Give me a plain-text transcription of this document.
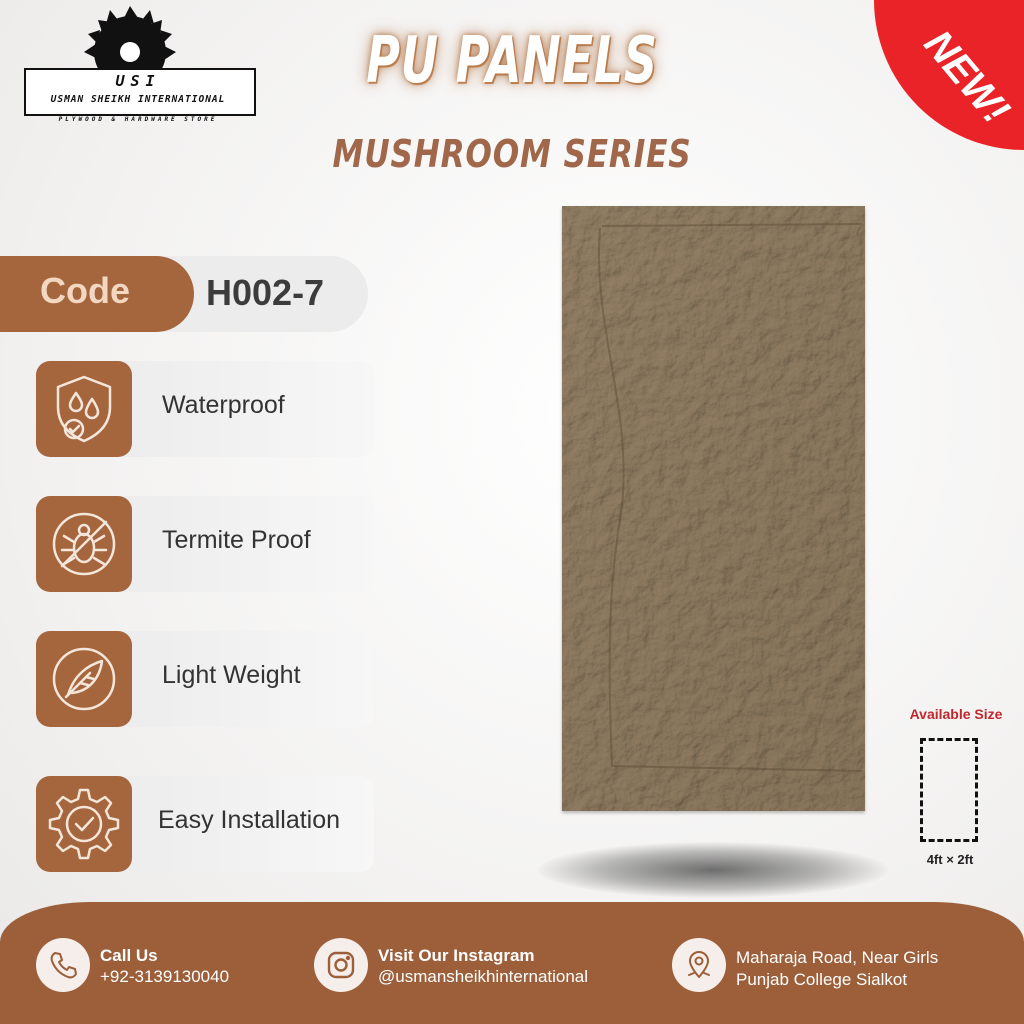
USI
USMAN SHEIKH INTERNATIONAL
PLYWOOD & HARDWARE STORE
PU PANELS
MUSHROOM SERIES
NEW!
Code H002-7
Waterproof
Termite Proof
Light Weight
Easy Installation
Available Size
4ft × 2ft
Call Us
+92-3139130040
Visit Our Instagram
@usmansheikhinternational
Maharaja Road, Near Girls
Punjab College Sialkot
